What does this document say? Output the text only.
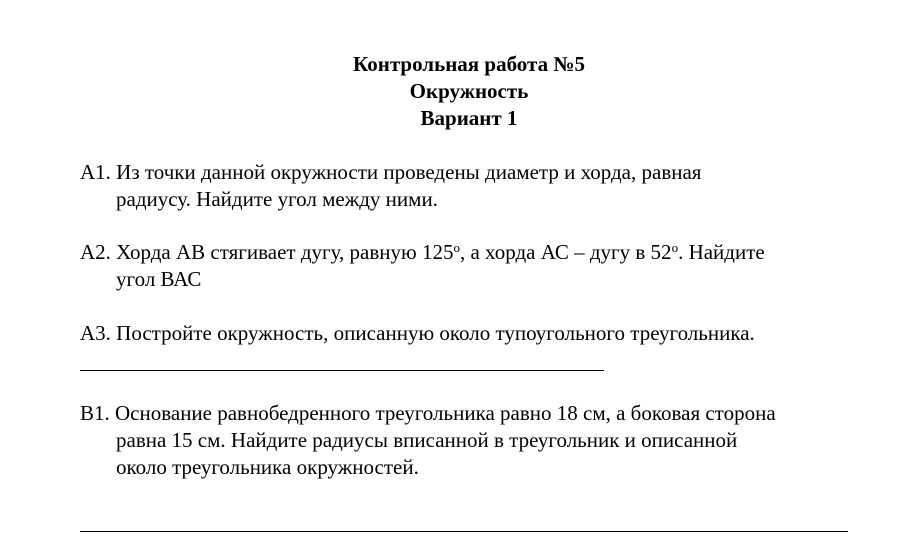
Контрольная работа №5
Окружность
Вариант 1
А1. Из точки данной окружности проведены диаметр и хорда, равная
радиусу. Найдите угол между ними.
А2. Хорда АВ стягивает дугу, равную $125^о$, а хорда АС – дугу в $52^о$. Найдите
угол ВАС
А3. Постройте окружность, описанную около тупоугольного треугольника.
В1. Основание равнобедренного треугольника равно 18 см, а боковая сторона
равна 15 см. Найдите радиусы вписанной в треугольник и описанной
около треугольника окружностей.
